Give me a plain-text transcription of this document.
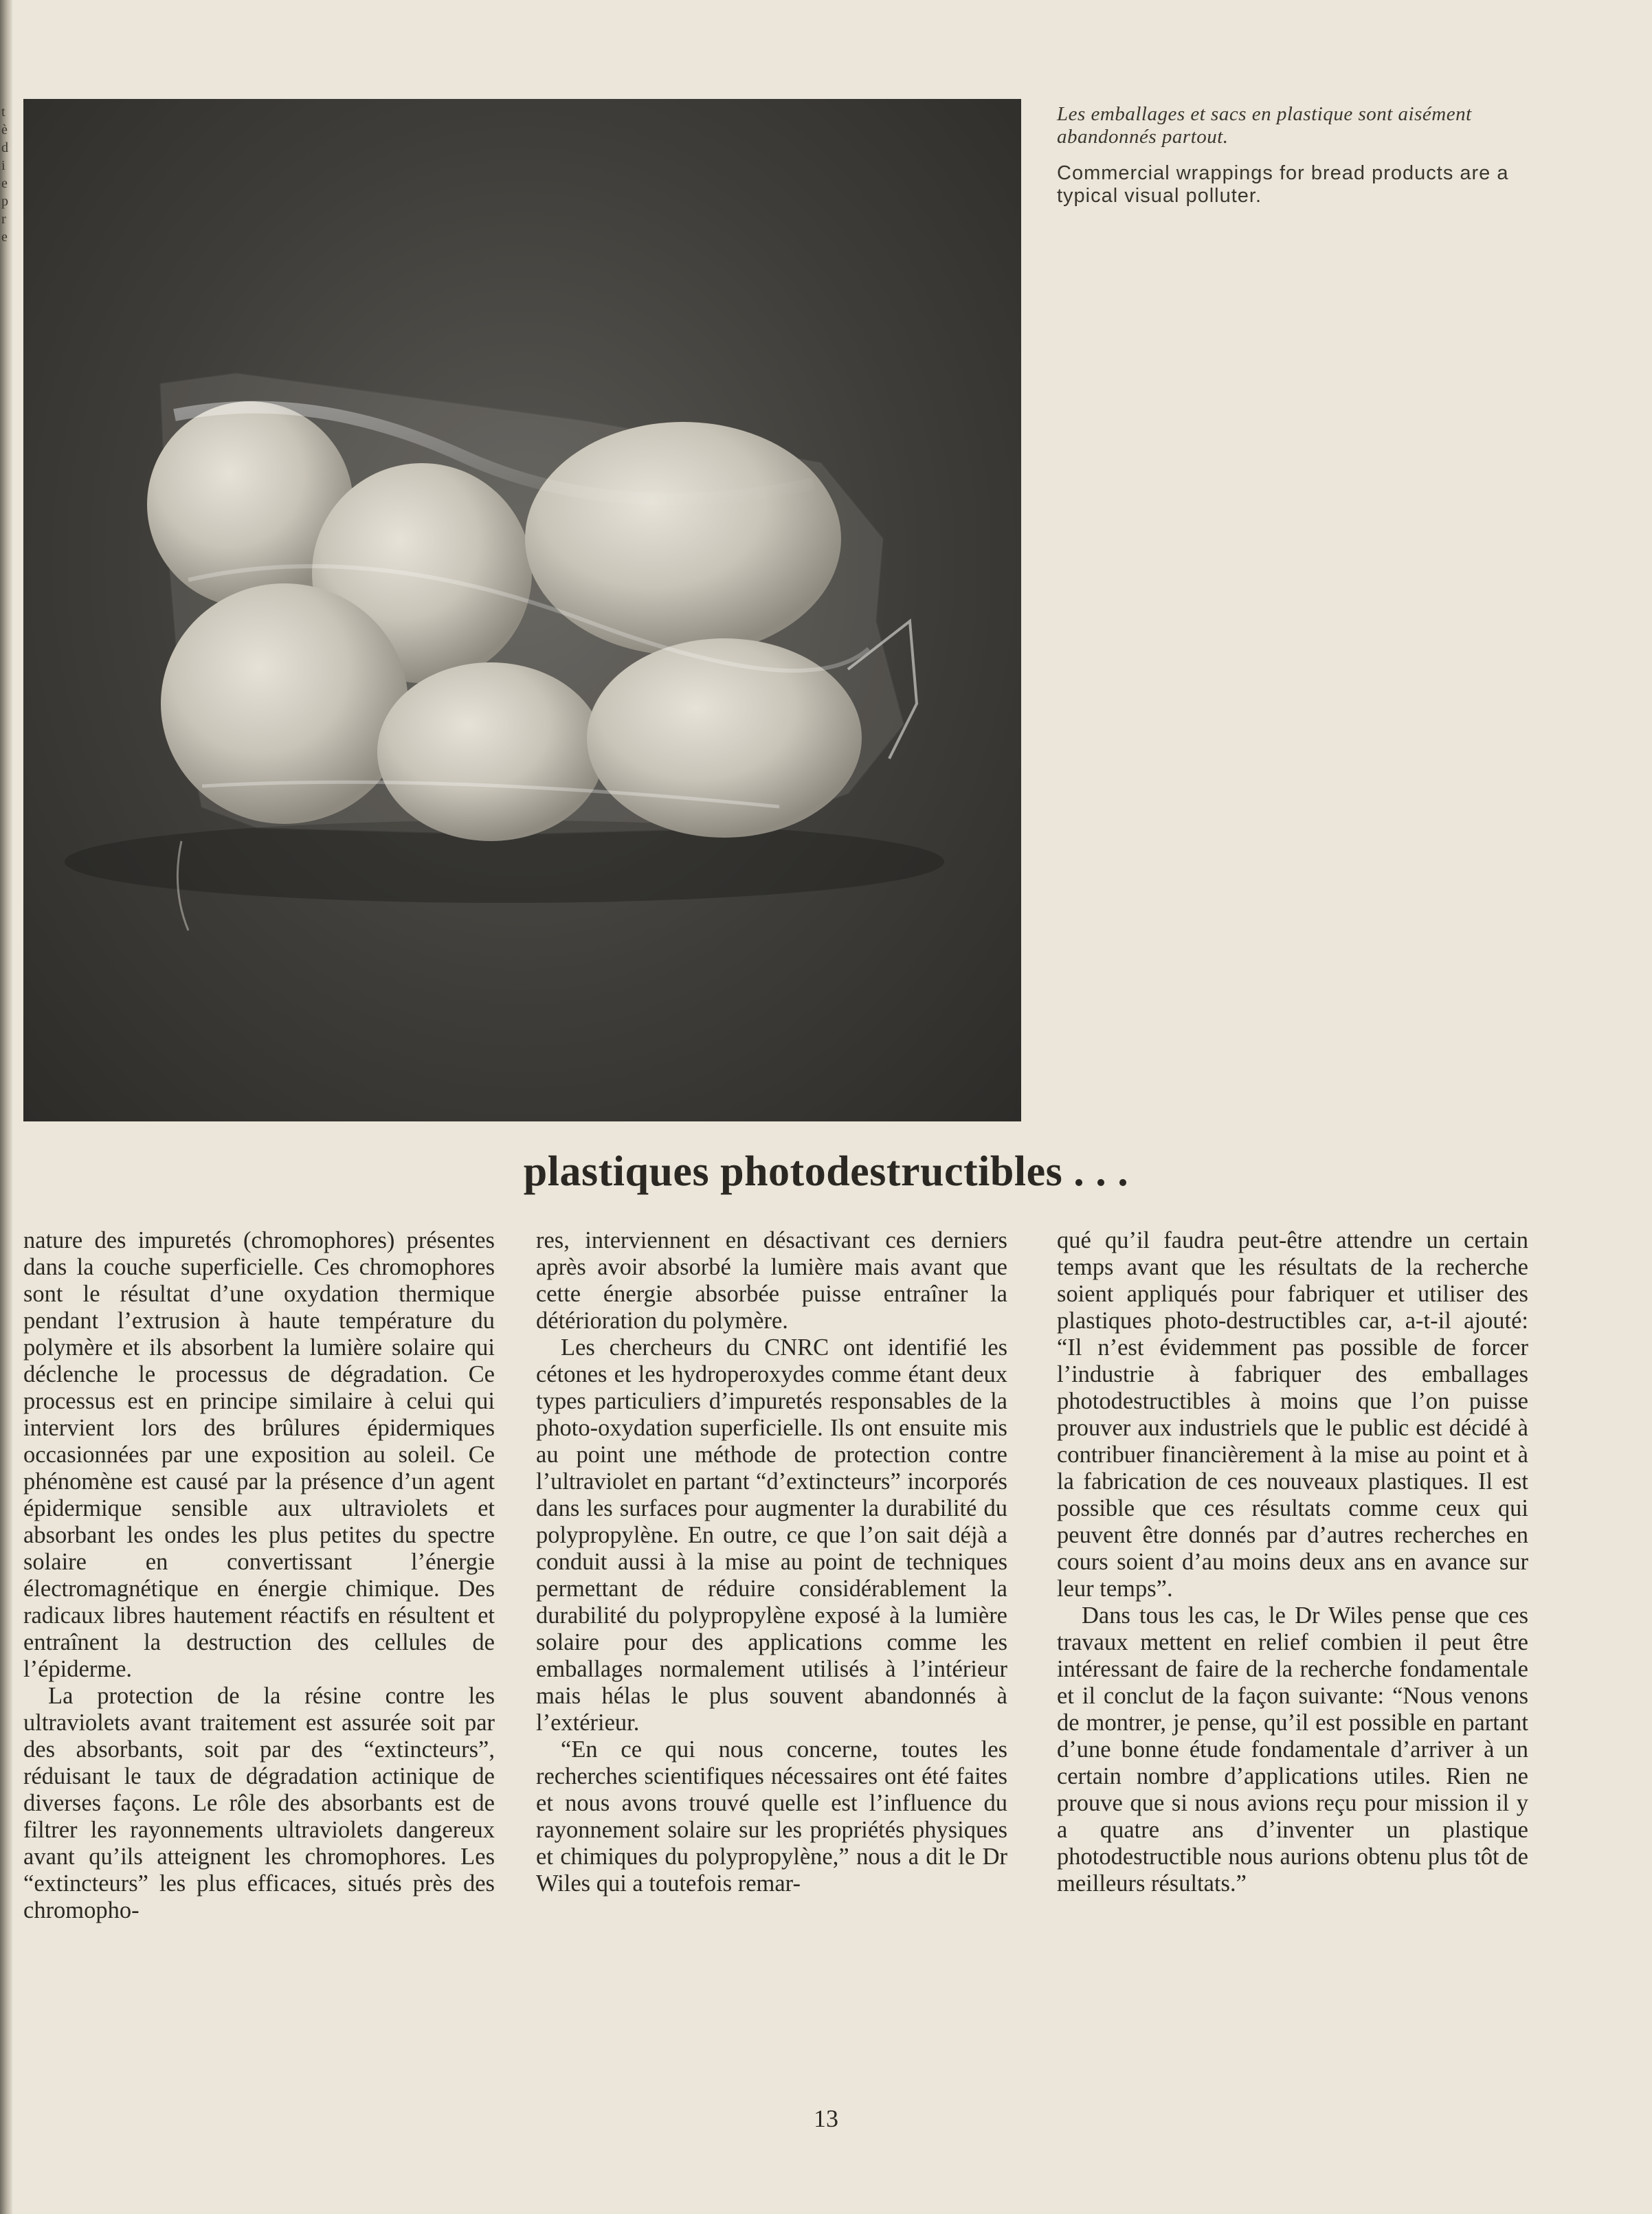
tèdiepre

Les emballages et sacs en plastique sont aisément abandonnés partout.

Commercial wrappings for bread products are a typical visual polluter.

plastiques photodestructibles . . .

nature des impuretés (chromophores) présentes dans la couche superficielle. Ces chromophores sont le résultat d’une oxydation thermique pendant l’extrusion à haute température du polymère et ils absorbent la lumière solaire qui déclenche le processus de dégradation. Ce processus est en principe similaire à celui qui intervient lors des brûlures épidermiques occasionnées par une exposition au soleil. Ce phénomène est causé par la présence d’un agent épidermique sensible aux ultraviolets et absorbant les ondes les plus petites du spectre solaire en convertissant l’énergie électromagnétique en énergie chimique. Des radicaux libres hautement réactifs en résultent et entraînent la destruction des cellules de l’épiderme.

La protection de la résine contre les ultraviolets avant traitement est assurée soit par des absorbants, soit par des “extincteurs”, réduisant le taux de dégradation actinique de diverses façons. Le rôle des absorbants est de filtrer les rayonnements ultraviolets dangereux avant qu’ils atteignent les chromophores. Les “extincteurs” les plus efficaces, situés près des chromopho-

res, interviennent en désactivant ces derniers après avoir absorbé la lumière mais avant que cette énergie absorbée puisse entraîner la détérioration du polymère.

Les chercheurs du CNRC ont identifié les cétones et les hydroperoxydes comme étant deux types particuliers d’impuretés responsables de la photo-oxydation superficielle. Ils ont ensuite mis au point une méthode de protection contre l’ultraviolet en partant “d’extincteurs” incorporés dans les surfaces pour augmenter la durabilité du polypropylène. En outre, ce que l’on sait déjà a conduit aussi à la mise au point de techniques permettant de réduire considérablement la durabilité du polypropylène exposé à la lumière solaire pour des applications comme les emballages normalement utilisés à l’intérieur mais hélas le plus souvent abandonnés à l’extérieur.

“En ce qui nous concerne, toutes les recherches scientifiques nécessaires ont été faites et nous avons trouvé quelle est l’influence du rayonnement solaire sur les propriétés physiques et chimiques du polypropylène,” nous a dit le Dr Wiles qui a toutefois remar-

qué qu’il faudra peut-être attendre un certain temps avant que les résultats de la recherche soient appliqués pour fabriquer et utiliser des plastiques photo-destructibles car, a-t-il ajouté: “Il n’est évidemment pas possible de forcer l’industrie à fabriquer des emballages photodestructibles à moins que l’on puisse prouver aux industriels que le public est décidé à contribuer financièrement à la mise au point et à la fabrication de ces nouveaux plastiques. Il est possible que ces résultats comme ceux qui peuvent être donnés par d’autres recherches en cours soient d’au moins deux ans en avance sur leur temps”.

Dans tous les cas, le Dr Wiles pense que ces travaux mettent en relief combien il peut être intéressant de faire de la recherche fondamentale et il conclut de la façon suivante: “Nous venons de montrer, je pense, qu’il est possible en partant d’une bonne étude fondamentale d’arriver à un certain nombre d’applications utiles. Rien ne prouve que si nous avions reçu pour mission il y a quatre ans d’inventer un plastique photodestructible nous aurions obtenu plus tôt de meilleurs résultats.”

13
